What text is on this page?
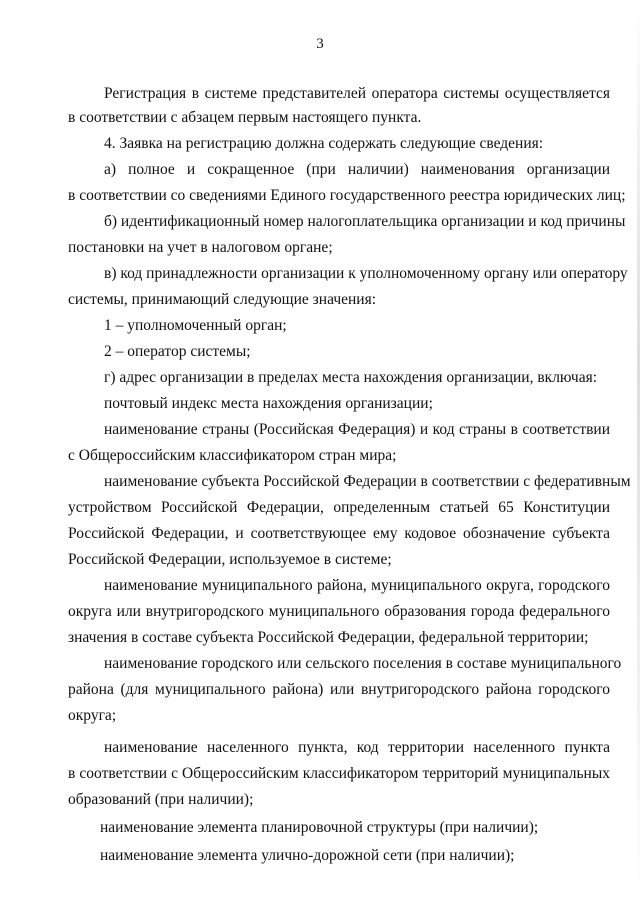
3
Регистрация в системе представителей оператора системы осуществляется
в соответствии с абзацем первым настоящего пункта.
4. Заявка на регистрацию должна содержать следующие сведения:
а) полное и сокращенное (при наличии) наименования организации
в соответствии со сведениями Единого государственного реестра юридических лиц;
б) идентификационный номер налогоплательщика организации и код причины
постановки на учет в налоговом органе;
в) код принадлежности организации к уполномоченному органу или оператору
системы, принимающий следующие значения:
1 – уполномоченный орган;
2 – оператор системы;
г) адрес организации в пределах места нахождения организации, включая:
почтовый индекс места нахождения организации;
наименование страны (Российская Федерация) и код страны в соответствии
с Общероссийским классификатором стран мира;
наименование субъекта Российской Федерации в соответствии с федеративным
устройством Российской Федерации, определенным статьей 65 Конституции
Российской Федерации, и соответствующее ему кодовое обозначение субъекта
Российской Федерации, используемое в системе;
наименование муниципального района, муниципального округа, городского
округа или внутригородского муниципального образования города федерального
значения в составе субъекта Российской Федерации, федеральной территории;
наименование городского или сельского поселения в составе муниципального
района (для муниципального района) или внутригородского района городского
округа;
наименование населенного пункта, код территории населенного пункта
в соответствии с Общероссийским классификатором территорий муниципальных
образований (при наличии);
наименование элемента планировочной структуры (при наличии);
наименование элемента улично-дорожной сети (при наличии);
